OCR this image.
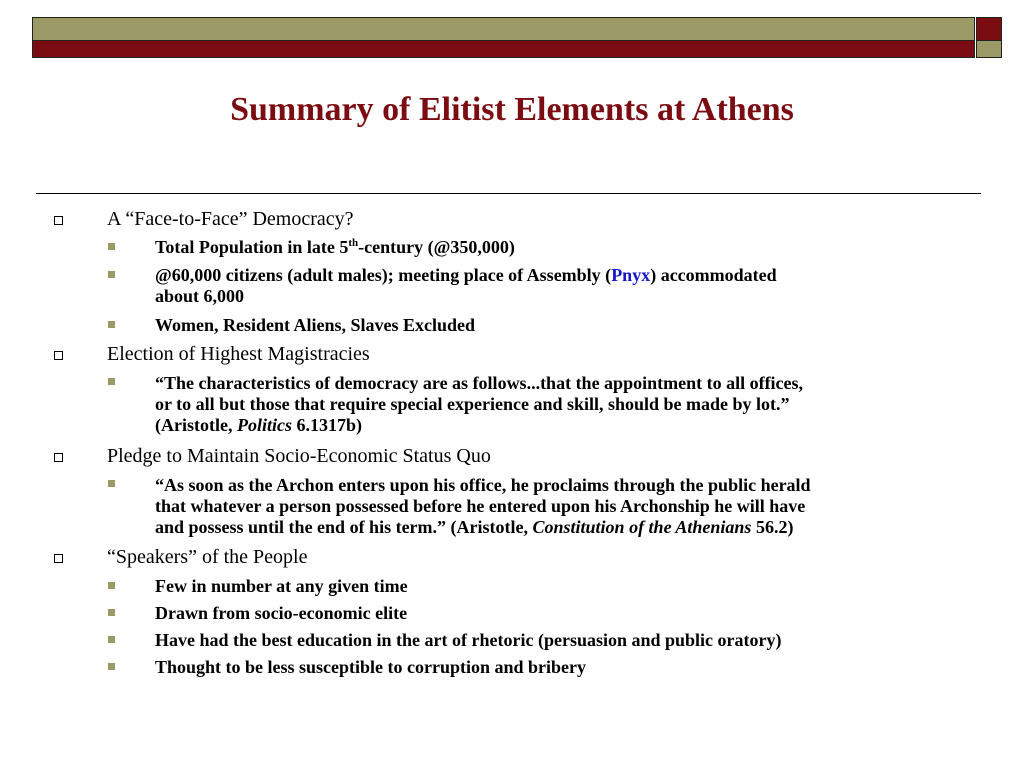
Summary of Elitist Elements at Athens
A “Face-to-Face” Democracy?
Total Population in late 5th-century (@350,000)
@60,000 citizens (adult males); meeting place of Assembly (Pnyx) accommodated
about 6,000
Women, Resident Aliens, Slaves Excluded
Election of Highest Magistracies
“The characteristics of democracy are as follows...that the appointment to all offices,
or to all but those that require special experience and skill, should be made by lot.”
(Aristotle, Politics 6.1317b)
Pledge to Maintain Socio-Economic Status Quo
“As soon as the Archon enters upon his office, he proclaims through the public herald
that whatever a person possessed before he entered upon his Archonship he will have
and possess until the end of his term.” (Aristotle, Constitution of the Athenians 56.2)
“Speakers” of the People
Few in number at any given time
Drawn from socio-economic elite
Have had the best education in the art of rhetoric (persuasion and public oratory)
Thought to be less susceptible to corruption and bribery
